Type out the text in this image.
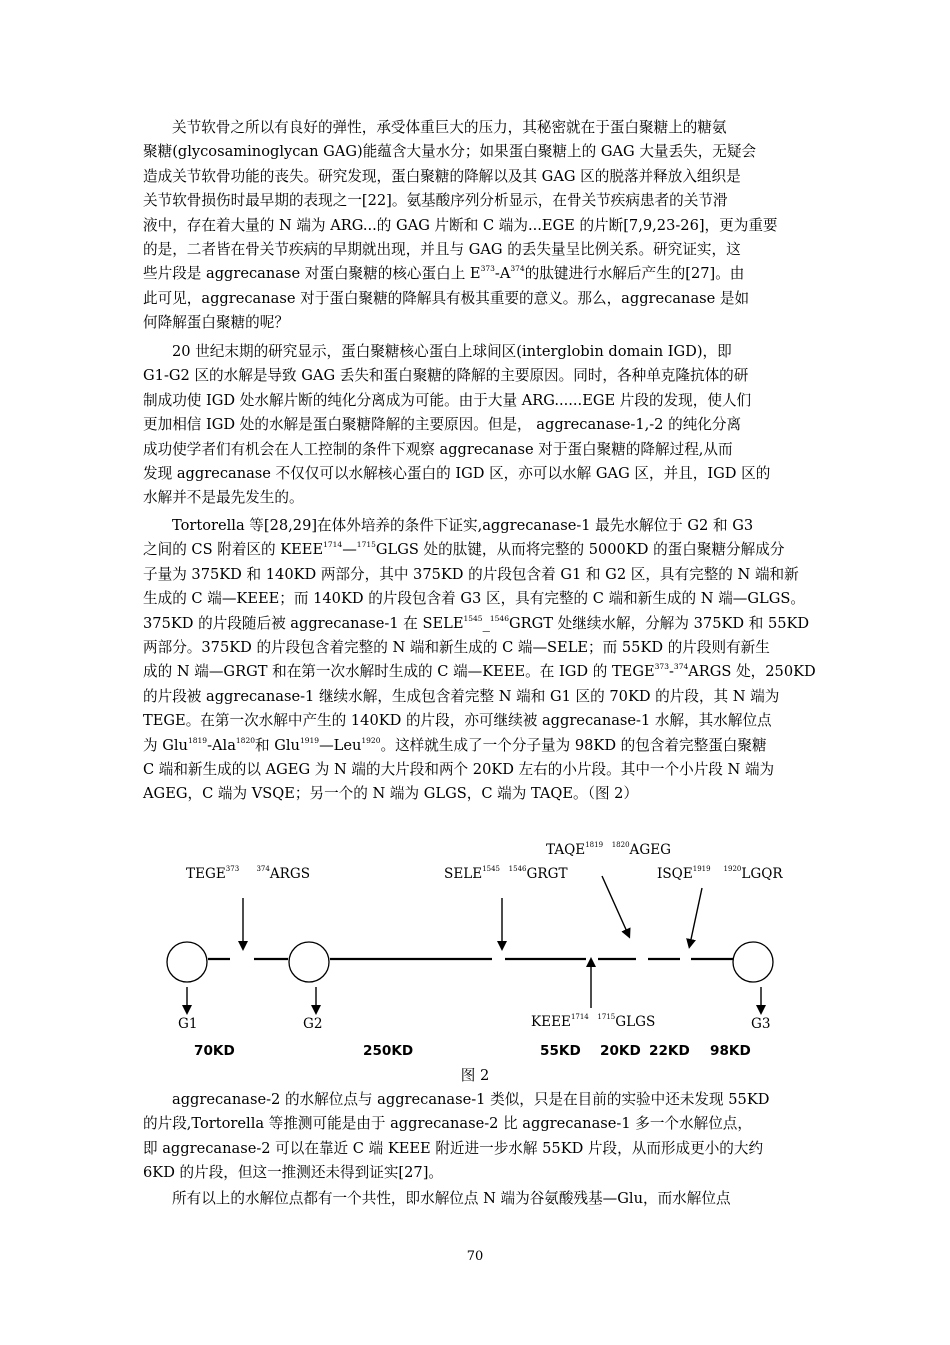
关节软骨之所以有良好的弹性，承受体重巨大的压力，其秘密就在于蛋白聚糖上的糖氨
聚糖(glycosaminoglycan GAG)能蕴含大量水分；如果蛋白聚糖上的 GAG 大量丢失，无疑会
造成关节软骨功能的丧失。研究发现，蛋白聚糖的降解以及其 GAG 区的脱落并释放入组织是
关节软骨损伤时最早期的表现之一[22]。氨基酸序列分析显示，在骨关节疾病患者的关节滑
液中，存在着大量的 N 端为 ARG...的 GAG 片断和 C 端为...EGE 的片断[7,9,23-26]，更为重要
的是，二者皆在骨关节疾病的早期就出现，并且与 GAG 的丢失量呈比例关系。研究证实，这
些片段是 aggrecanase 对蛋白聚糖的核心蛋白上 $E^{373}-A^{374}$的肽键进行水解后产生的[27]。由
此可见，aggrecanase 对于蛋白聚糖的降解具有极其重要的意义。那么，aggrecanase 是如
何降解蛋白聚糖的呢？
20 世纪末期的研究显示，蛋白聚糖核心蛋白上球间区(interglobin domain IGD)，即
G1-G2 区的水解是导致 GAG 丢失和蛋白聚糖的降解的主要原因。同时，各种单克隆抗体的研
制成功使 IGD 处水解片断的纯化分离成为可能。由于大量 ARG......EGE 片段的发现，使人们
更加相信 IGD 处的水解是蛋白聚糖降解的主要原因。但是， aggrecanase-1,-2 的纯化分离
成功使学者们有机会在人工控制的条件下观察 aggrecanase 对于蛋白聚糖的降解过程,从而
发现 aggrecanase 不仅仅可以水解核心蛋白的 IGD 区，亦可以水解 GAG 区，并且，IGD 区的
水解并不是最先发生的。
Tortorella 等[28,29]在体外培养的条件下证实,aggrecanase-1 最先水解位于 G2 和 G3
之间的 CS 附着区的 $KEEE^{1714}—^{1715}GLGS$ 处的肽键，从而将完整的 5000KD 的蛋白聚糖分解成分
子量为 375KD 和 140KD 两部分，其中 375KD 的片段包含着 G1 和 G2 区，具有完整的 N 端和新
生成的 C 端—KEEE；而 140KD 的片段包含着 G3 区，具有完整的 C 端和新生成的 N 端—GLGS。
375KD 的片段随后被 aggrecanase-1 在 $SELE^{1545}\_^{1546}GRGT$ 处继续水解，分解为 375KD 和 55KD
两部分。375KD 的片段包含着完整的 N 端和新生成的 C 端—SELE；而 55KD 的片段则有新生
成的 N 端—GRGT 和在第一次水解时生成的 C 端—KEEE。在 IGD 的 TEGE$^{373}$-$^{374}$ARGS 处，250KD
的片段被 aggrecanase-1 继续水解，生成包含着完整 N 端和 G1 区的 70KD 的片段，其 N 端为
TEGE。在第一次水解中产生的 140KD 的片段，亦可继续被 aggrecanase-1 水解，其水解位点
为 Glu$^{1819}$-Ala$^{1820}$和 Glu$^{1919}$—Leu$^{1920}$。这样就生成了一个分子量为 98KD 的包含着完整蛋白聚糖
C 端和新生成的以 AGEG 为 N 端的大片段和两个 20KD 左右的小片段。其中一个小片段 N 端为
AGEG，C 端为 VSQE；另一个的 N 端为 GLGS，C 端为 TAQE。（图 2）
TEGE$^{373}$ $^{374}$ARGS	$SELE^{1545}$ $^{1546}$GRGT
$TAQE^{1819}$ $^{1820}$AGEG
$ISQE^{1919}$ $^{1920}$LGQR
G1	G2	$KEEE^{1714}$ $^{1715}$GLGS	G3
70KD	250KD	55KD 20KD 22KD 98KD
图 2
aggrecanase-2 的水解位点与 aggrecanase-1 类似，只是在目前的实验中还未发现 55KD
的片段,Tortorella 等推测可能是由于 aggrecanase-2 比 aggrecanase-1 多一个水解位点，
即 aggrecanase-2 可以在靠近 C 端 KEEE 附近进一步水解 55KD 片段，从而形成更小的大约
6KD 的片段，但这一推测还未得到证实[27]。
所有以上的水解位点都有一个共性，即水解位点 N 端为谷氨酸残基—Glu，而水解位点
70
